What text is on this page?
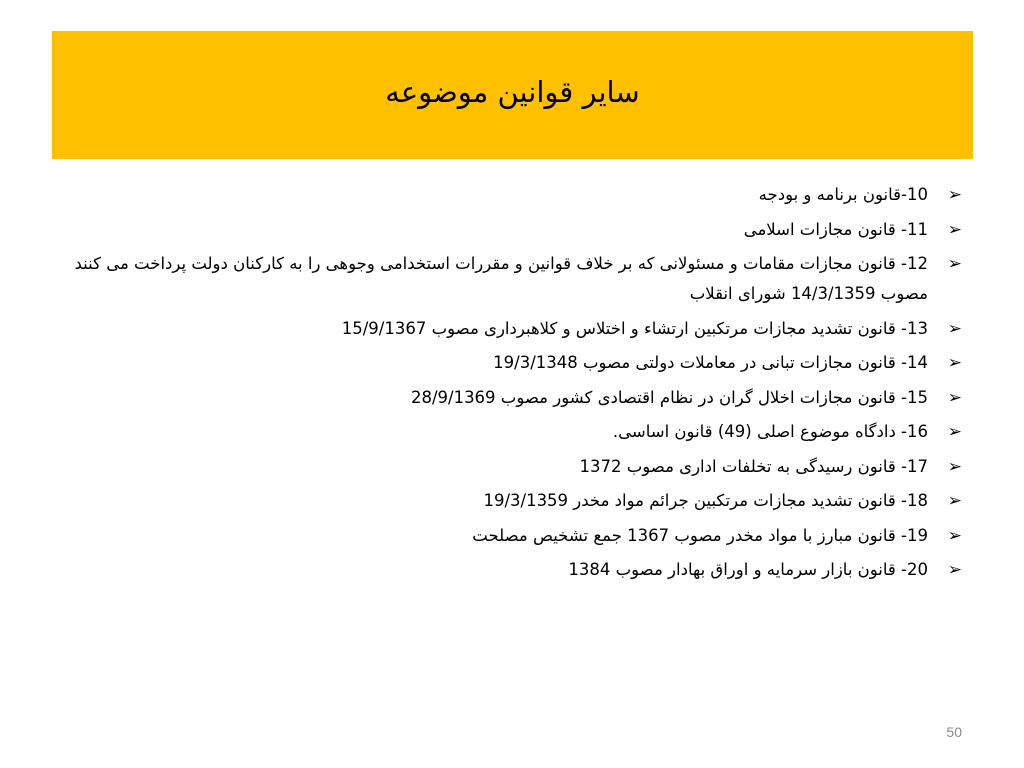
سایر قوانین موضوعه
➢
10-قانون برنامه و بودجه
➢
11- قانون مجازات اسلامی
➢
12- قانون مجازات مقامات و مسئولانی که بر خلاف قوانین و مقررات استخدامی وجوهی را به کارکنان دولت پرداخت می کنند مصوب 14/3/1359 شورای انقلاب
➢
13- قانون تشدید مجازات مرتکبین ارتشاء و اختلاس و کلاهبرداری مصوب 15/9/1367
➢
14- قانون مجازات تبانی در معاملات دولتی مصوب 19/3/1348
➢
15- قانون مجازات اخلال گران در نظام اقتصادی کشور مصوب 28/9/1369
➢
16- دادگاه موضوع اصلی (49) قانون اساسی.
➢
17- قانون رسیدگی به تخلفات اداری مصوب 1372
➢
18- قانون تشدید مجازات مرتکبین جرائم مواد مخدر 19/3/1359
➢
19- قانون مبارز با مواد مخدر مصوب 1367 جمع تشخیص مصلحت
➢
20- قانون بازار سرمایه و اوراق بهادار مصوب 1384
50
